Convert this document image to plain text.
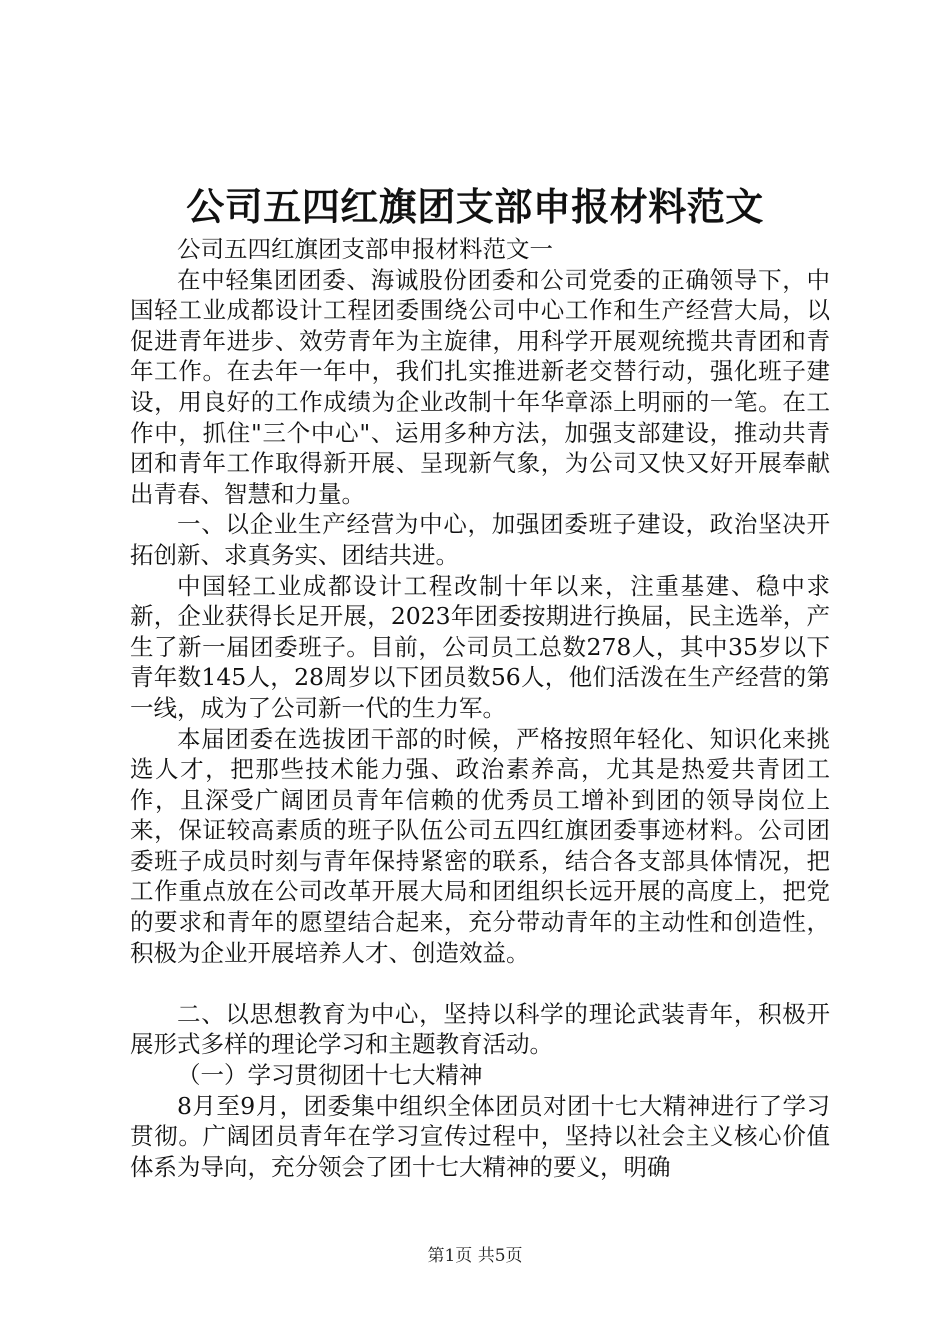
公司五四红旗团支部申报材料范文

公司五四红旗团支部申报材料范文一

在中轻集团团委、海诚股份团委和公司党委的正确领导下，中国轻工业成都设计工程团委围绕公司中心工作和生产经营大局，以促进青年进步、效劳青年为主旋律，用科学开展观统揽共青团和青年工作。在去年一年中，我们扎实推进新老交替行动，强化班子建设，用良好的工作成绩为企业改制十年华章添上明丽的一笔。在工作中，抓住"三个中心"、运用多种方法，加强支部建设，推动共青团和青年工作取得新开展、呈现新气象，为公司又快又好开展奉献出青春、智慧和力量。

一、以企业生产经营为中心，加强团委班子建设，政治坚决开拓创新、求真务实、团结共进。

中国轻工业成都设计工程改制十年以来，注重基建、稳中求新，企业获得长足开展，2023年团委按期进行换届，民主选举，产生了新一届团委班子。目前，公司员工总数278人，其中35岁以下青年数145人，28周岁以下团员数56人，他们活泼在生产经营的第一线，成为了公司新一代的生力军。

本届团委在选拔团干部的时候，严格按照年轻化、知识化来挑选人才，把那些技术能力强、政治素养高，尤其是热爱共青团工作，且深受广阔团员青年信赖的优秀员工增补到团的领导岗位上来，保证较高素质的班子队伍公司五四红旗团委事迹材料。公司团委班子成员时刻与青年保持紧密的联系，结合各支部具体情况，把工作重点放在公司改革开展大局和团组织长远开展的高度上，把党的要求和青年的愿望结合起来，充分带动青年的主动性和创造性，积极为企业开展培养人才、创造效益。

二、以思想教育为中心，坚持以科学的理论武装青年，积极开展形式多样的理论学习和主题教育活动。

（一）学习贯彻团十七大精神

8月至9月，团委集中组织全体团员对团十七大精神进行了学习贯彻。广阔团员青年在学习宣传过程中，坚持以社会主义核心价值体系为导向，充分领会了团十七大精神的要义，明确

第1页 共5页
